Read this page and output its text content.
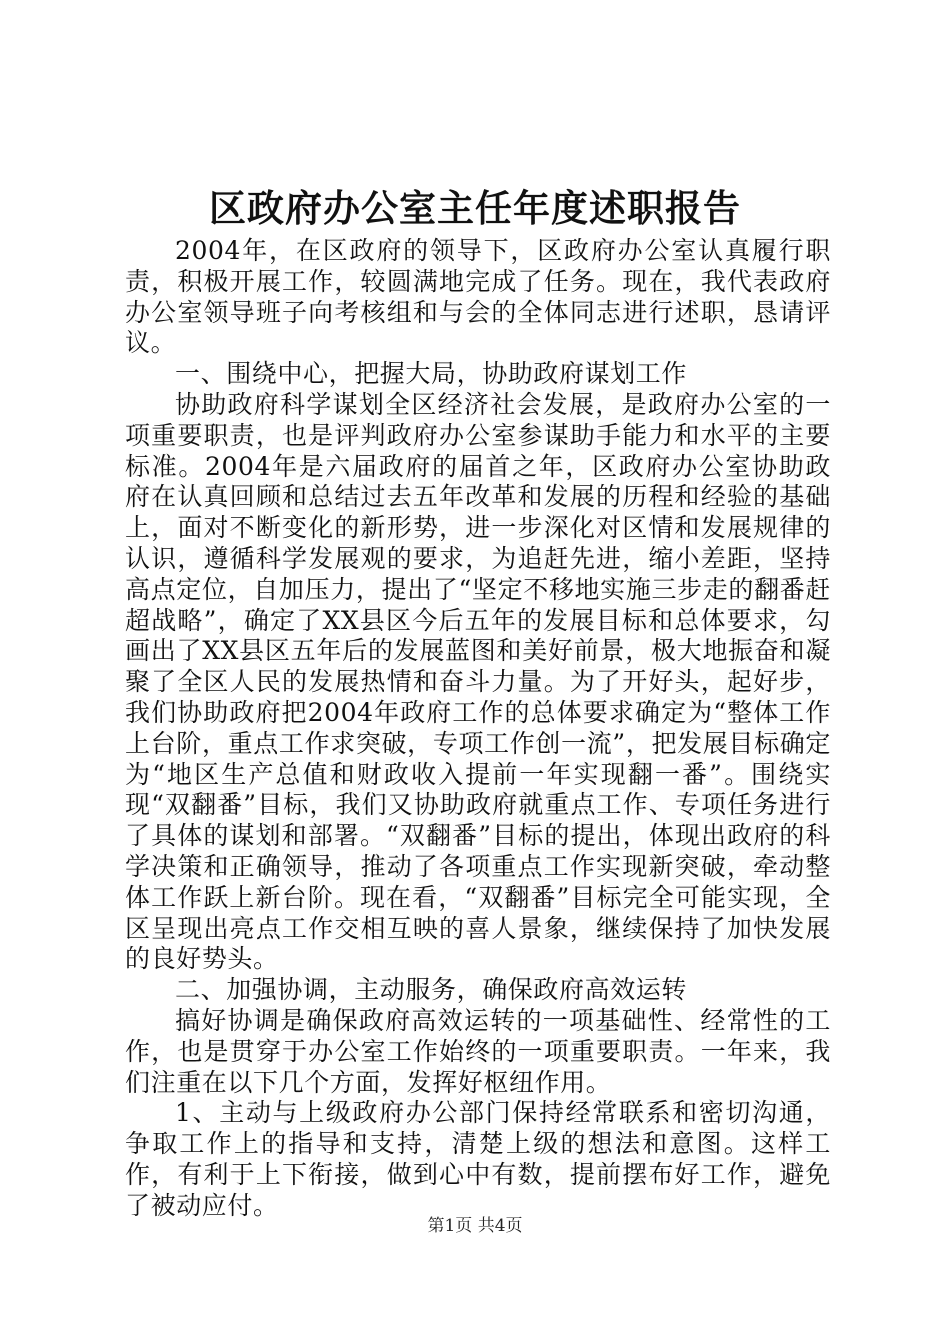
区政府办公室主任年度述职报告

2004年，在区政府的领导下，区政府办公室认真履行职责，积极开展工作，较圆满地完成了任务。现在，我代表政府办公室领导班子向考核组和与会的全体同志进行述职，恳请评议。

一、围绕中心，把握大局，协助政府谋划工作

协助政府科学谋划全区经济社会发展，是政府办公室的一项重要职责，也是评判政府办公室参谋助手能力和水平的主要标准。2004年是六届政府的届首之年，区政府办公室协助政府在认真回顾和总结过去五年改革和发展的历程和经验的基础上，面对不断变化的新形势，进一步深化对区情和发展规律的认识，遵循科学发展观的要求，为追赶先进，缩小差距，坚持高点定位，自加压力，提出了“坚定不移地实施三步走的翻番赶超战略”，确定了XX县区今后五年的发展目标和总体要求，勾画出了XX县区五年后的发展蓝图和美好前景，极大地振奋和凝聚了全区人民的发展热情和奋斗力量。为了开好头，起好步，我们协助政府把2004年政府工作的总体要求确定为“整体工作上台阶，重点工作求突破，专项工作创一流”，把发展目标确定为“地区生产总值和财政收入提前一年实现翻一番”。围绕实现“双翻番”目标，我们又协助政府就重点工作、专项任务进行了具体的谋划和部署。“双翻番”目标的提出，体现出政府的科学决策和正确领导，推动了各项重点工作实现新突破，牵动整体工作跃上新台阶。现在看，“双翻番”目标完全可能实现，全区呈现出亮点工作交相互映的喜人景象，继续保持了加快发展的良好势头。

二、加强协调，主动服务，确保政府高效运转

搞好协调是确保政府高效运转的一项基础性、经常性的工作，也是贯穿于办公室工作始终的一项重要职责。一年来，我们注重在以下几个方面，发挥好枢纽作用。

1、主动与上级政府办公部门保持经常联系和密切沟通，争取工作上的指导和支持，清楚上级的想法和意图。这样工作，有利于上下衔接，做到心中有数，提前摆布好工作，避免了被动应付。

第1页 共4页
